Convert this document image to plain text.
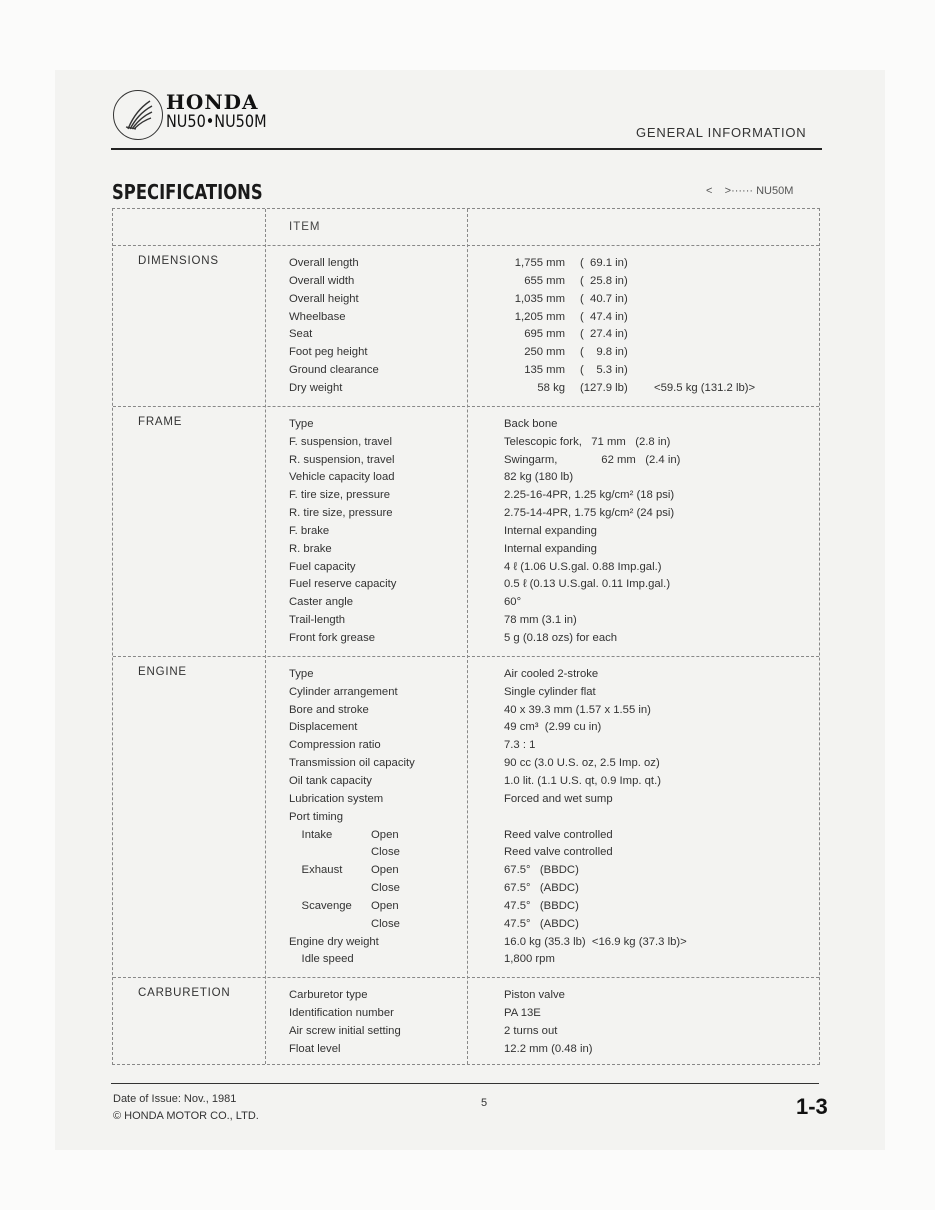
HONDA
NU50•NU50M
GENERAL INFORMATION
SPECIFICATIONS	<    >······ NU50M
ITEM
DIMENSIONS	Overall length	1,755 mm (  69.1 in)
Overall width	655 mm (  25.8 in)
Overall height	1,035 mm (  40.7 in)
Wheelbase	1,205 mm (  47.4 in)
Seat	695 mm (  27.4 in)
Foot peg height	250 mm (    9.8 in)
Ground clearance	135 mm (    5.3 in)
Dry weight	58 kg (127.9 lb)	<59.5 kg (131.2 lb)>
FRAME	Type	Back bone
F. suspension, travel	Telescopic fork,   71 mm   (2.8 in)
R. suspension, travel	Swingarm,              62 mm   (2.4 in)
Vehicle capacity load	82 kg (180 lb)
F. tire size, pressure	2.25-16-4PR, 1.25 kg/cm² (18 psi)
R. tire size, pressure	2.75-14-4PR, 1.75 kg/cm² (24 psi)
F. brake	Internal expanding
R. brake	Internal expanding
Fuel capacity	4 ℓ (1.06 U.S.gal. 0.88 Imp.gal.)
Fuel reserve capacity	0.5 ℓ (0.13 U.S.gal. 0.11 Imp.gal.)
Caster angle	60°
Trail-length	78 mm (3.1 in)
Front fork grease	5 g (0.18 ozs) for each
ENGINE	Type	Air cooled 2-stroke
Cylinder arrangement	Single cylinder flat
Bore and stroke	40 x 39.3 mm (1.57 x 1.55 in)
Displacement	49 cm³  (2.99 cu in)
Compression ratio	7.3 : 1
Transmission oil capacity	90 cc (3.0 U.S. oz, 2.5 Imp. oz)
Oil tank capacity	1.0 lit. (1.1 U.S. qt, 0.9 Imp. qt.)
Lubrication system	Forced and wet sump
Port timing
Intake	Open	Reed valve controlled
Close	Reed valve controlled
Exhaust	Open	67.5°   (BBDC)
Close	67.5°   (ABDC)
Scavenge Open	47.5°   (BBDC)
Close	47.5°   (ABDC)
Engine dry weight	16.0 kg (35.3 lb)  <16.9 kg (37.3 lb)>
Idle speed	1,800 rpm
CARBURETION	Carburetor type	Piston valve
Identification number	PA 13E
Air screw initial setting	2 turns out
Float level	12.2 mm (0.48 in)
Date of Issue: Nov., 1981
© HONDA MOTOR CO., LTD.
5	1-3
